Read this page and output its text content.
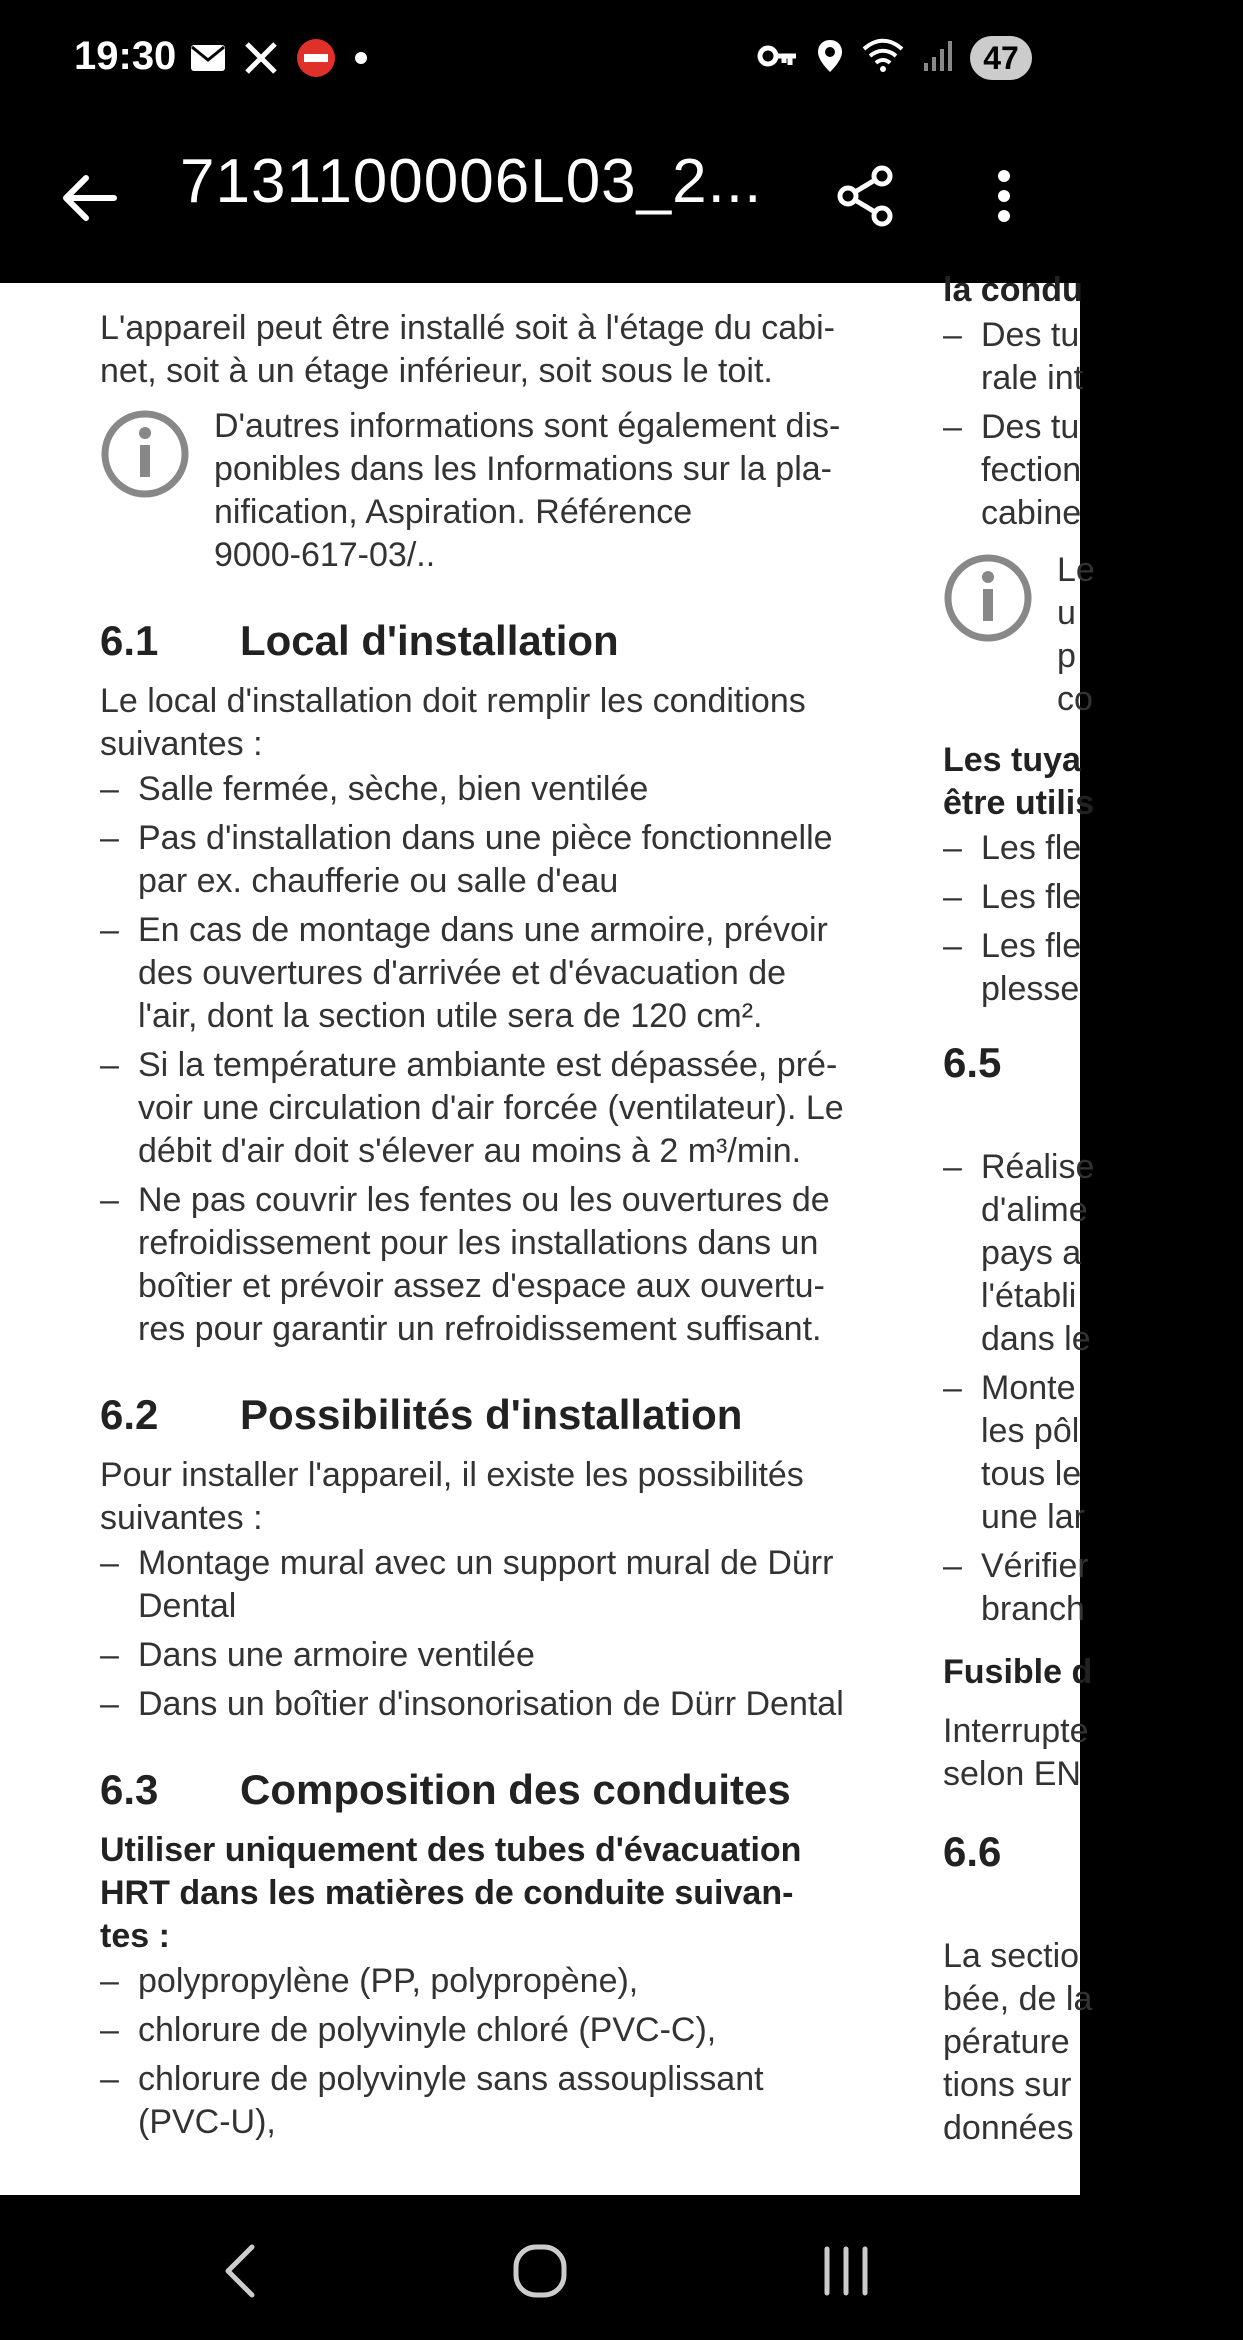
19:30	47
7131100006L03_2...
L'appareil peut être installé soit à l'étage du cabi-
net, soit à un étage inférieur, soit sous le toit.
D'autres informations sont également dis-
ponibles dans les Informations sur la pla-
nification, Aspiration. Référence
9000-617-03/..
6.1	Local d'installation
Le local d'installation doit remplir les conditions
suivantes :
– Salle fermée, sèche, bien ventilée
– Pas d'installation dans une pièce fonctionnelle
par ex. chaufferie ou salle d'eau
– En cas de montage dans une armoire, prévoir
des ouvertures d'arrivée et d'évacuation de
l'air, dont la section utile sera de 120 cm².
– Si la température ambiante est dépassée, pré-
voir une circulation d'air forcée (ventilateur). Le
débit d'air doit s'élever au moins à 2 m³/min.
– Ne pas couvrir les fentes ou les ouvertures de
refroidissement pour les installations dans un
boîtier et prévoir assez d'espace aux ouvertu-
res pour garantir un refroidissement suffisant.
6.2	Possibilités d'installation
Pour installer l'appareil, il existe les possibilités
suivantes :
– Montage mural avec un support mural de Dürr
Dental
– Dans une armoire ventilée
– Dans un boîtier d'insonorisation de Dürr Dental
6.3	Composition des conduites
Utiliser uniquement des tubes d'évacuation
HRT dans les matières de conduite suivan-
tes :
– polypropylène (PP, polypropène),
– chlorure de polyvinyle chloré (PVC-C),
– chlorure de polyvinyle sans assouplissant
(PVC-U),
la condu
– Des tu
rale int
– Des tu
fection
cabine
Le
u
p
co
Les tuya
être utilis
– Les fle
– Les fle
– Les fle
plesse
6.5
– Réalise
d'alime
pays a
l'établi
dans le
– Monte
les pôl
tous le
une lar
– Vérifier
branch
Fusible d
Interrupte
selon EN
6.6
La sectio
bée, de la
pérature
tions sur
données
